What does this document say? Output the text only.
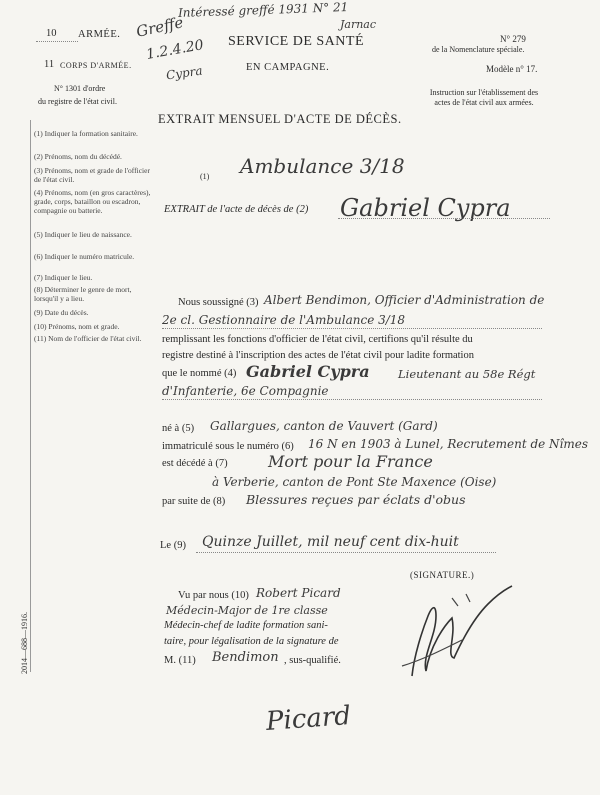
10 ARMÉE.
11 CORPS D'ARMÉE.
N° 1301 d'ordre
du registre de l'état civil.
Greffe
1.2.4.20
Cypra
Intéressé greffé 1931 N° 21
Jarnac
SERVICE DE SANTÉ
EN CAMPAGNE.
N° 279
de la Nomenclature spéciale.
Modèle n° 17.
Instruction sur l'établissement des actes de l'état civil aux armées.
EXTRAIT MENSUEL D'ACTE DE DÉCÈS.
(1) Indiquer la formation sanitaire.
(2) Prénoms, nom du décédé.
(3) Prénoms, nom et grade de l'officier de l'état civil.
(4) Prénoms, nom (en gros caractères), grade, corps, bataillon ou escadron, compagnie ou batterie.
(5) Indiquer le lieu de naissance.
(6) Indiquer le numéro matricule.
(7) Indiquer le lieu.
(8) Déterminer le genre de mort, lorsqu'il y a lieu.
(9) Date du décès.
(10) Prénoms, nom et grade.
(11) Nom de l'officier de l'état civil.
(1) Ambulance 3/18
EXTRAIT de l'acte de décès de (2) Gabriel Cypra
Nous soussigné (3) Albert Bendimon, Officier d'Administration de
2e cl. Gestionnaire de l'Ambulance 3/18
remplissant les fonctions d'officier de l'état civil, certifions qu'il résulte du
registre destiné à l'inscription des actes de l'état civil pour ladite formation
que le nommé (4) Gabriel Cypra Lieutenant au 58e Régt
d'Infanterie, 6e Compagnie
né à (5) Gallargues, canton de Vauvert (Gard)
immatriculé sous le numéro (6) 16 N en 1903 à Lunel, Recrutement de Nîmes
est décédé à (7)	Mort pour la France
à Verberie, canton de Pont Ste Maxence (Oise)
par suite de (8) Blessures reçues par éclats d'obus
Le (9) Quinze Juillet, mil neuf cent dix-huit
(SIGNATURE.)
Vu par nous (10) Robert Picard
Médecin-Major de 1re classe
Médecin-chef de ladite formation sani-
taire, pour légalisation de la signature de
M. (11) Bendimon , sus-qualifié.
2014—688—1916.
Picard
